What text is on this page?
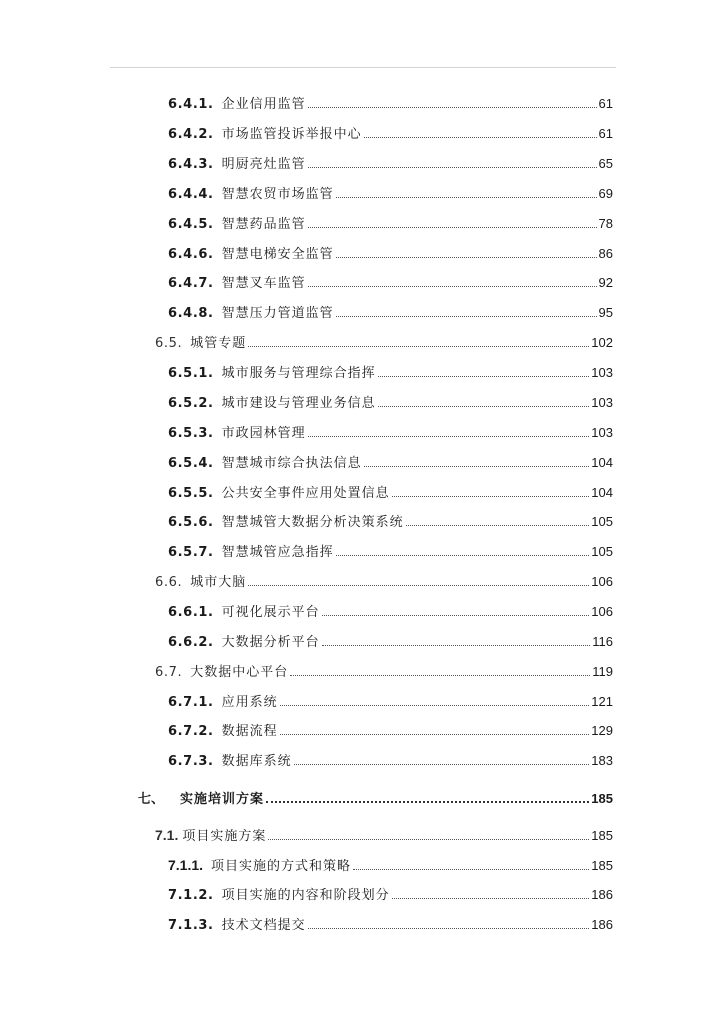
6.4.1. 企业信用监管	61
6.4.2. 市场监管投诉举报中心	61
6.4.3. 明厨亮灶监管	65
6.4.4. 智慧农贸市场监管	69
6.4.5. 智慧药品监管	78
6.4.6. 智慧电梯安全监管	86
6.4.7. 智慧叉车监管	92
6.4.8. 智慧压力管道监管	95
6.5. 城管专题	102
6.5.1. 城市服务与管理综合指挥	103
6.5.2. 城市建设与管理业务信息	103
6.5.3. 市政园林管理	103
6.5.4. 智慧城市综合执法信息	104
6.5.5. 公共安全事件应用处置信息	104
6.5.6. 智慧城管大数据分析决策系统	105
6.5.7. 智慧城管应急指挥	105
6.6. 城市大脑	106
6.6.1. 可视化展示平台	106
6.6.2. 大数据分析平台	116
6.7. 大数据中心平台	119
6.7.1. 应用系统	121
6.7.2. 数据流程	129
6.7.3. 数据库系统	183
七、 实施培训方案	185
7.1. 项目实施方案	185
7.1.1. 项目实施的方式和策略	185
7.1.2. 项目实施的内容和阶段划分	186
7.1.3. 技术文档提交	186
